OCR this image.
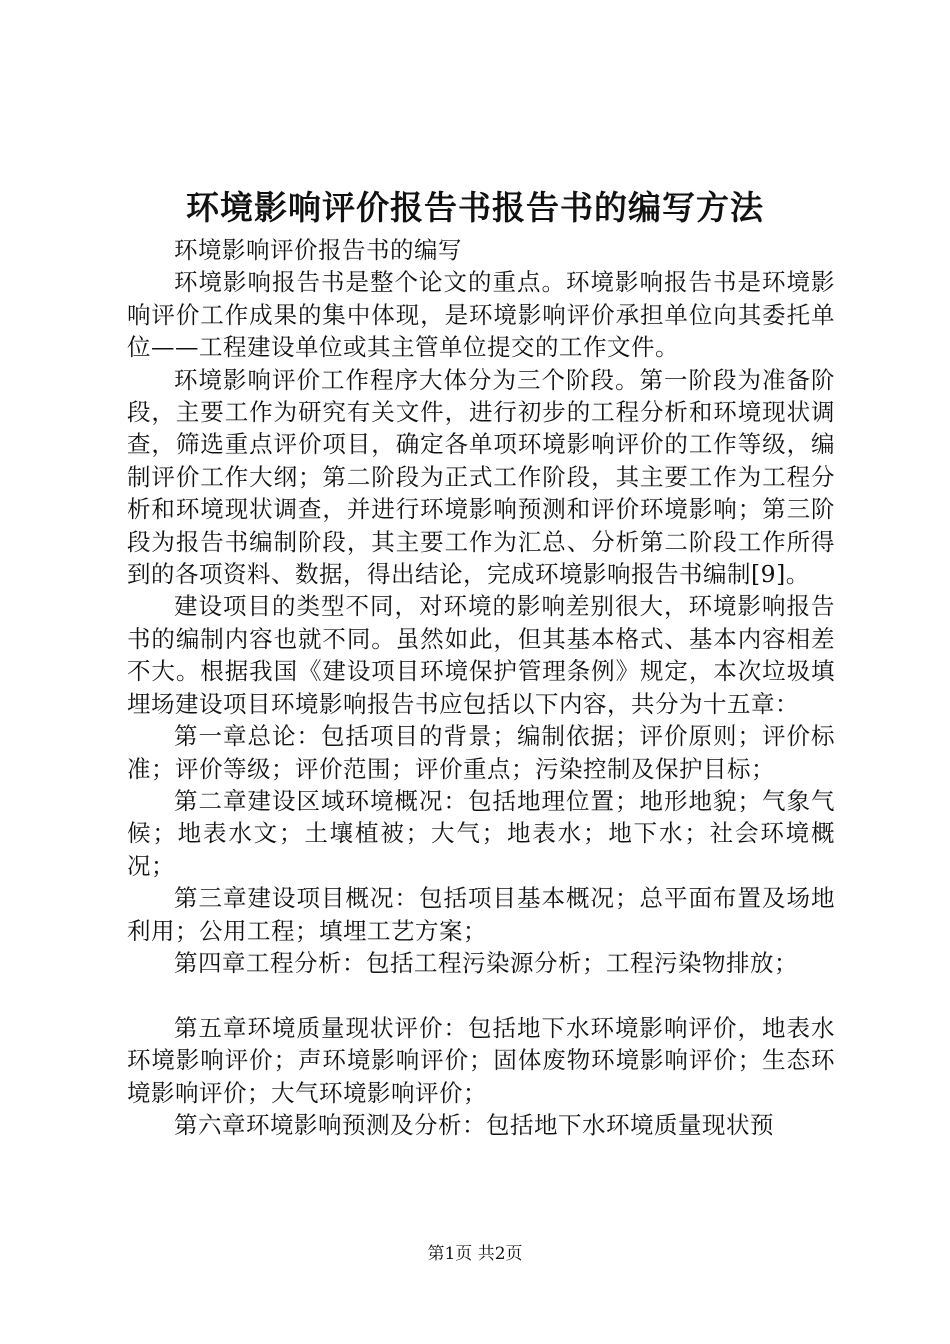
环境影响评价报告书报告书的编写方法

环境影响评价报告书的编写

环境影响报告书是整个论文的重点。环境影响报告书是环境影响评价工作成果的集中体现，是环境影响评价承担单位向其委托单位——工程建设单位或其主管单位提交的工作文件。

环境影响评价工作程序大体分为三个阶段。第一阶段为准备阶段，主要工作为研究有关文件，进行初步的工程分析和环境现状调查，筛选重点评价项目，确定各单项环境影响评价的工作等级，编制评价工作大纲；第二阶段为正式工作阶段，其主要工作为工程分析和环境现状调查，并进行环境影响预测和评价环境影响；第三阶段为报告书编制阶段，其主要工作为汇总、分析第二阶段工作所得到的各项资料、数据，得出结论，完成环境影响报告书编制[9]。

建设项目的类型不同，对环境的影响差别很大，环境影响报告书的编制内容也就不同。虽然如此，但其基本格式、基本内容相差不大。根据我国《建设项目环境保护管理条例》规定，本次垃圾填埋场建设项目环境影响报告书应包括以下内容，共分为十五章：

第一章总论：包括项目的背景；编制依据；评价原则；评价标准；评价等级；评价范围；评价重点；污染控制及保护目标；

第二章建设区域环境概况：包括地理位置；地形地貌；气象气候；地表水文；土壤植被；大气；地表水；地下水；社会环境概况；

第三章建设项目概况：包括项目基本概况；总平面布置及场地利用；公用工程；填埋工艺方案；

第四章工程分析：包括工程污染源分析；工程污染物排放；

第五章环境质量现状评价：包括地下水环境影响评价，地表水环境影响评价；声环境影响评价；固体废物环境影响评价；生态环境影响评价；大气环境影响评价；

第六章环境影响预测及分析：包括地下水环境质量现状预

第1页 共2页
